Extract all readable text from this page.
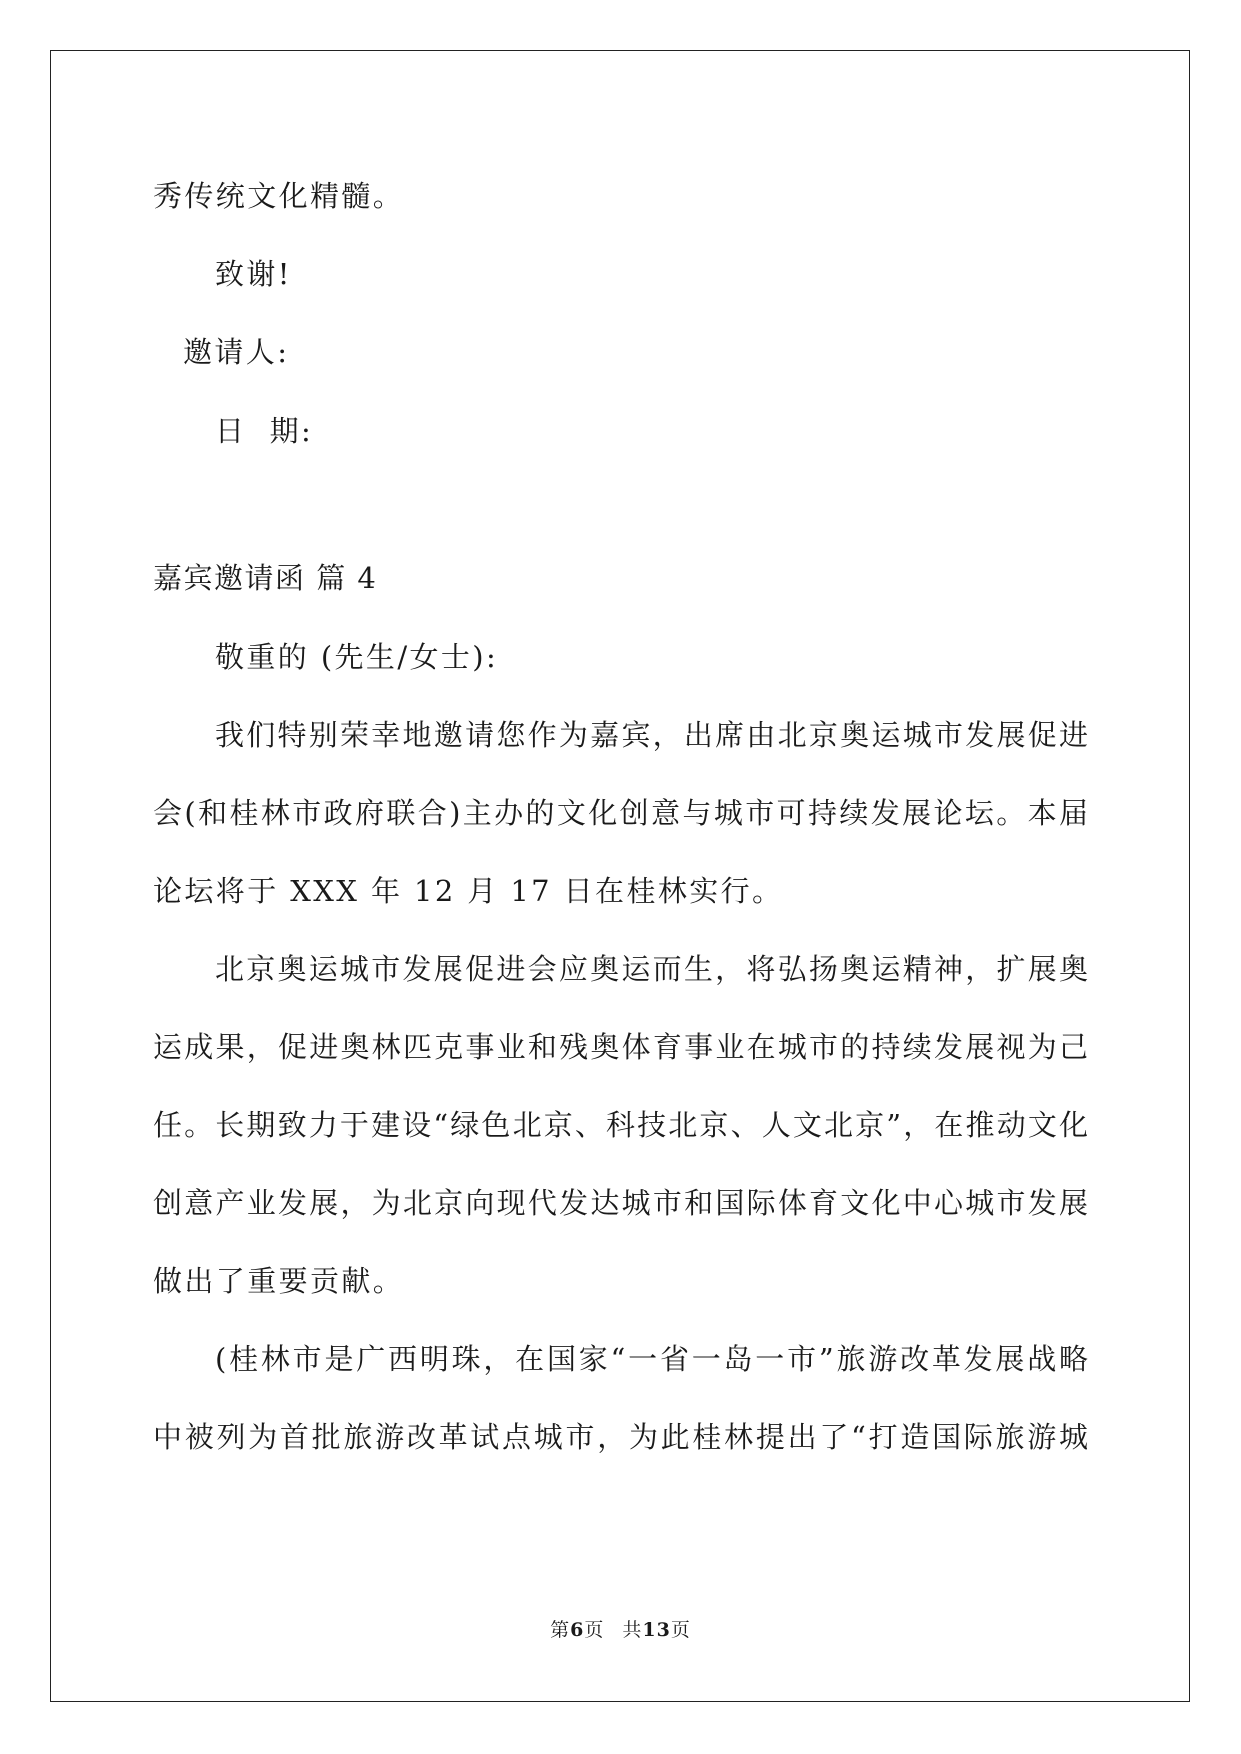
秀传统文化精髓。
致谢!
邀请人:
日  期:
嘉宾邀请函 篇 4
敬重的 (先生/女士):
我们特别荣幸地邀请您作为嘉宾，出席由北京奥运城市发展促进
会(和桂林市政府联合)主办的文化创意与城市可持续发展论坛。本届
论坛将于 XXX 年 12 月 17 日在桂林实行。
北京奥运城市发展促进会应奥运而生，将弘扬奥运精神，扩展奥
运成果，促进奥林匹克事业和残奥体育事业在城市的持续发展视为己
任。长期致力于建设“绿色北京、科技北京、人文北京”，在推动文化
创意产业发展，为北京向现代发达城市和国际体育文化中心城市发展
做出了重要贡献。
(桂林市是广西明珠，在国家“一省一岛一市”旅游改革发展战略
中被列为首批旅游改革试点城市，为此桂林提出了“打造国际旅游城
第6页 共13页
